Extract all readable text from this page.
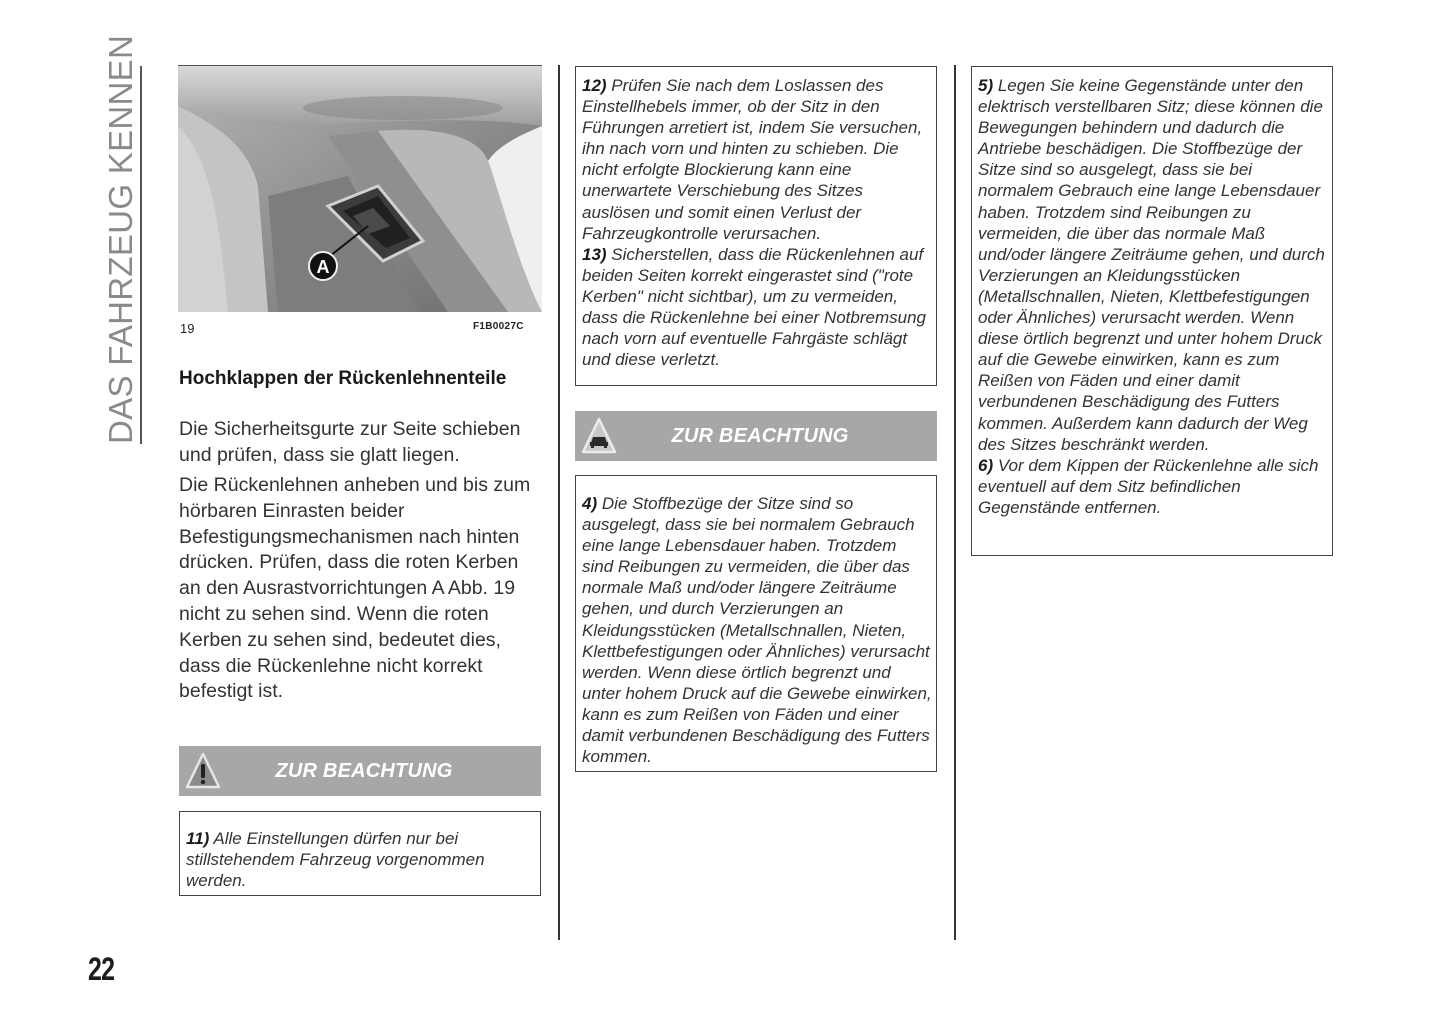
DAS FAHRZEUG KENNEN	A
19	F1B0027C
Hochklappen der Rückenlehnenteile
Die Sicherheitsgurte zur Seite schieben und prüfen, dass sie glatt liegen.
Die Rückenlehnen anheben und bis zum hörbaren Einrasten beider Befestigungsmechanismen nach hinten drücken. Prüfen, dass die roten Kerben an den Ausrastvorrichtungen A Abb. 19 nicht zu sehen sind. Wenn die roten Kerben zu sehen sind, bedeutet dies, dass die Rückenlehne nicht korrekt befestigt ist.
ZUR BEACHTUNG

11) Alle Einstellungen dürfen nur bei stillstehendem Fahrzeug vorgenommen werden.

12) Prüfen Sie nach dem Loslassen des Einstellhebels immer, ob der Sitz in den Führungen arretiert ist, indem Sie versuchen, ihn nach vorn und hinten zu schieben. Die nicht erfolgte Blockierung kann eine unerwartete Verschiebung des Sitzes auslösen und somit einen Verlust der Fahrzeugkontrolle verursachen.

13) Sicherstellen, dass die Rückenlehnen auf beiden Seiten korrekt eingerastet sind ("rote Kerben" nicht sichtbar), um zu vermeiden, dass die Rückenlehne bei einer Notbremsung nach vorn auf eventuelle Fahrgäste schlägt und diese verletzt.

ZUR BEACHTUNG

4) Die Stoffbezüge der Sitze sind so ausgelegt, dass sie bei normalem Gebrauch eine lange Lebensdauer haben. Trotzdem sind Reibungen zu vermeiden, die über das normale Maß und/oder längere Zeiträume gehen, und durch Verzierungen an Kleidungsstücken (Metallschnallen, Nieten, Klettbefestigungen oder Ähnliches) verursacht werden. Wenn diese örtlich begrenzt und unter hohem Druck auf die Gewebe einwirken, kann es zum Reißen von Fäden und einer damit verbundenen Beschädigung des Futters kommen.

5) Legen Sie keine Gegenstände unter den elektrisch verstellbaren Sitz; diese können die Bewegungen behindern und dadurch die Antriebe beschädigen. Die Stoffbezüge der Sitze sind so ausgelegt, dass sie bei normalem Gebrauch eine lange Lebensdauer haben. Trotzdem sind Reibungen zu vermeiden, die über das normale Maß und/oder längere Zeiträume gehen, und durch Verzierungen an Kleidungsstücken (Metallschnallen, Nieten, Klettbefestigungen oder Ähnliches) verursacht werden. Wenn diese örtlich begrenzt und unter hohem Druck auf die Gewebe einwirken, kann es zum Reißen von Fäden und einer damit verbundenen Beschädigung des Futters kommen. Außerdem kann dadurch der Weg des Sitzes beschränkt werden.

6) Vor dem Kippen der Rückenlehne alle sich eventuell auf dem Sitz befindlichen Gegenstände entfernen.

22
